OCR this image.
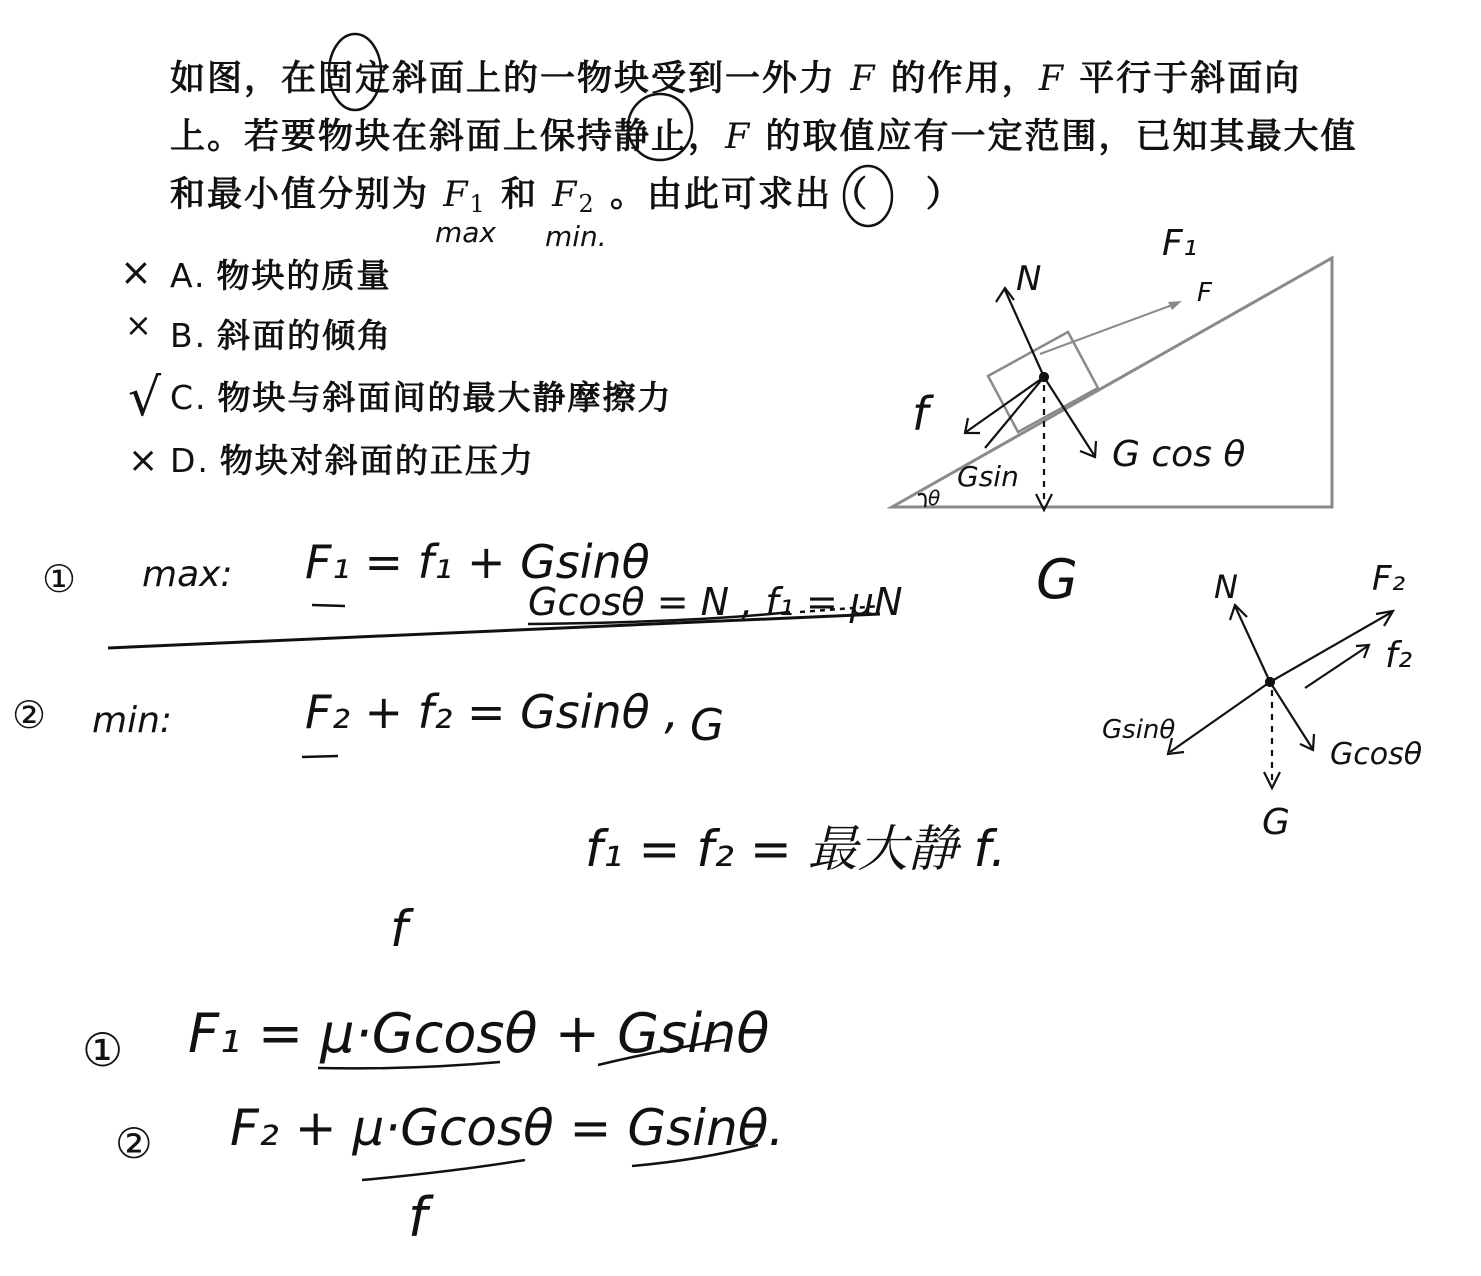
如图，在固定斜面上的一物块受到一外力 F 的作用，F 平行于斜面向
上。若要物块在斜面上保持静止，F 的取值应有一定范围，已知其最大值
和最小值分别为 $F_1$ 和 $F_2$ 。由此可求出（ ）
A. 物块的质量
B. 斜面的倾角
C. 物块与斜面间的最大静摩擦力
D. 物块对斜面的正压力
×
×
√
×
max min.
F
F₁
N
f
Gsin
G cos θ
θ
G
① max: F₁ = f₁ + Gsinθ
Gcosθ = N , f₁ = μN
② min:	F₂ + f₂ = Gsinθ , G
N	F₂
f₂
Gsinθ
Gcosθ
G
f₁ = f₂ = 最大静 f.
f
① F₁ = μ·Gcosθ + Gsinθ
② F₂ + μ·Gcosθ = Gsinθ.
f
